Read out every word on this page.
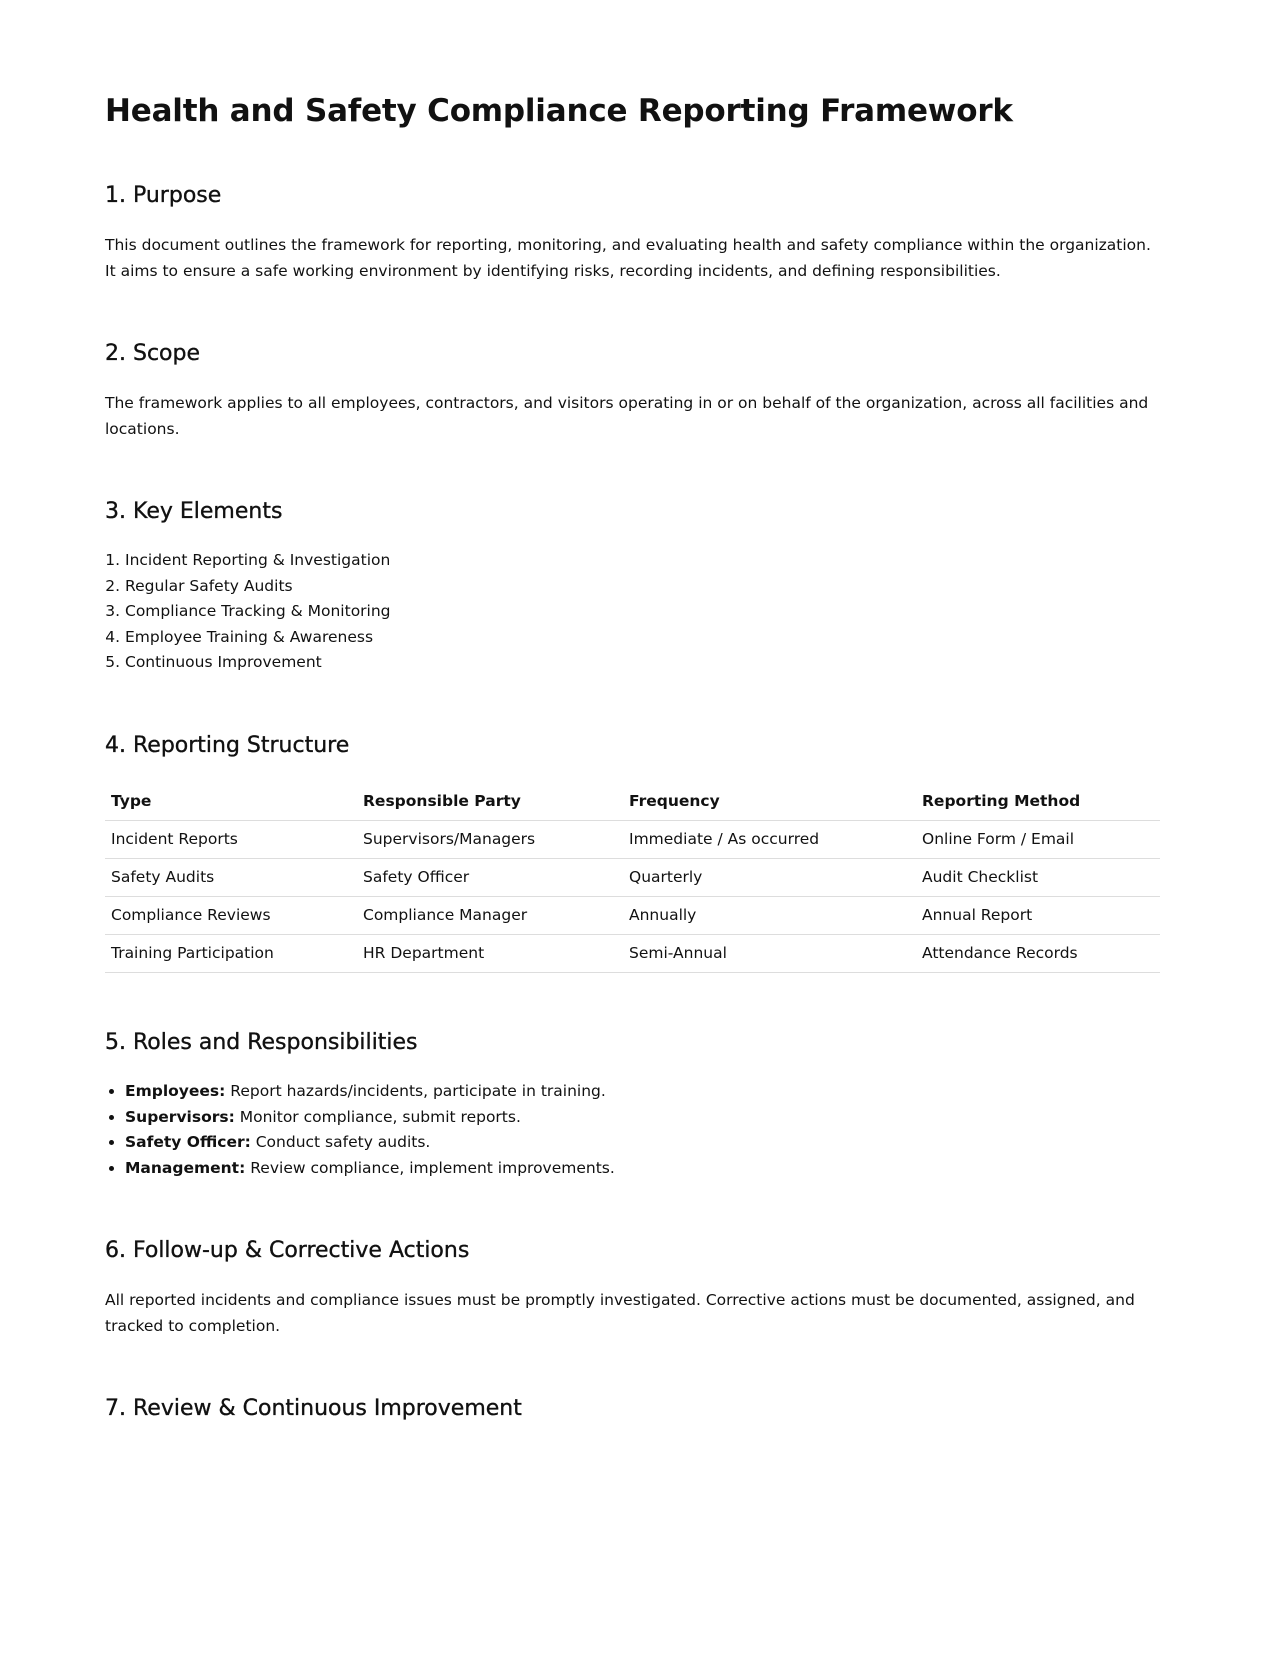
Health and Safety Compliance Reporting Framework
1. Purpose

This document outlines the framework for reporting, monitoring, and evaluating health and safety compliance within the organization. It aims to ensure a safe working environment by identifying risks, recording incidents, and defining responsibilities.

2. Scope

The framework applies to all employees, contractors, and visitors operating in or on behalf of the organization, across all facilities and locations.

3. Key Elements
1. Incident Reporting & Investigation
2. Regular Safety Audits
3. Compliance Tracking & Monitoring
4. Employee Training & Awareness
5. Continuous Improvement
4. Reporting Structure
Type	Responsible Party	Frequency	Reporting Method
Incident Reports	Supervisors/Managers	Immediate / As occurred	Online Form / Email
Safety Audits	Safety Officer	Quarterly	Audit Checklist
Compliance Reviews	Compliance Manager	Annually	Annual Report
Training Participation	HR Department	Semi-Annual	Attendance Records
5. Roles and Responsibilities
• Employees: Report hazards/incidents, participate in training.
• Supervisors: Monitor compliance, submit reports.
• Safety Officer: Conduct safety audits.
• Management: Review compliance, implement improvements.
6. Follow-up & Corrective Actions

All reported incidents and compliance issues must be promptly investigated. Corrective actions must be documented, assigned, and tracked to completion.

7. Review & Continuous Improvement
